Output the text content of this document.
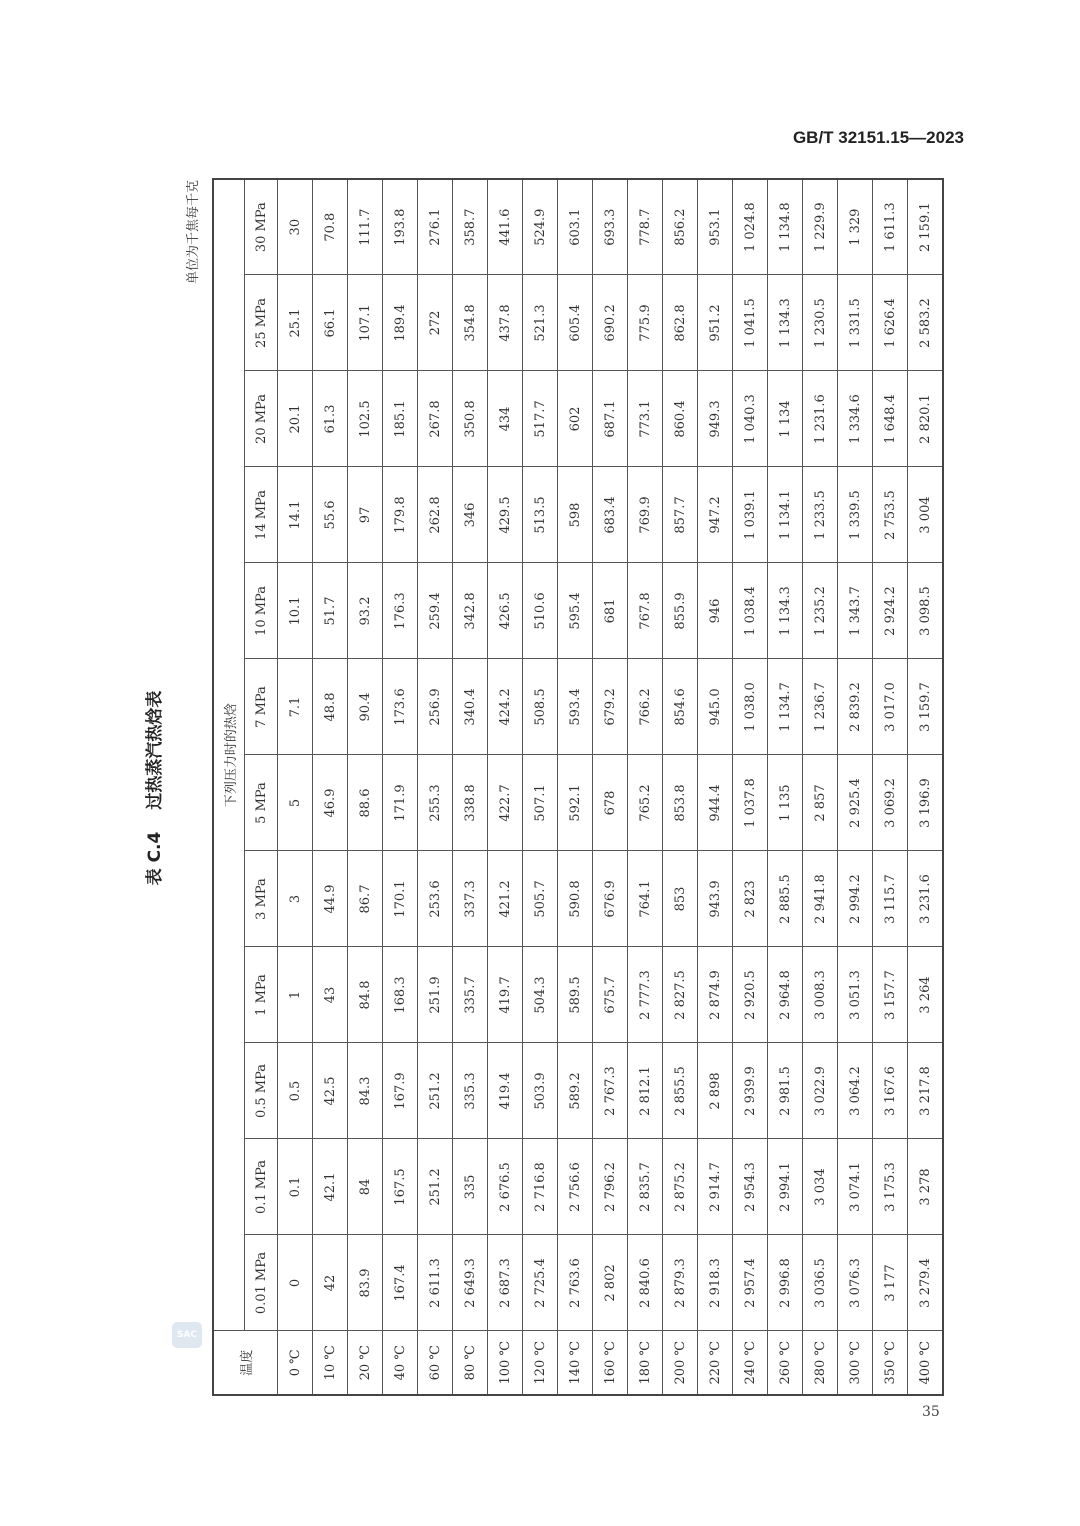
GB/T 32151.15—2023
SAC
35
表 C.4过热蒸汽热焓表
单位为千焦每千克
温度	下列压力时的热焓											
	0.01 MPa	0.1 MPa	0.5 MPa	1 MPa	3 MPa	5 MPa	7 MPa	10 MPa	14 MPa	20 MPa	25 MPa	30 MPa
0 ℃	0	0.1	0.5	1	3	5	7.1	10.1	14.1	20.1	25.1	30
10 ℃	42	42.1	42.5	43	44.9	46.9	48.8	51.7	55.6	61.3	66.1	70.8
20 ℃	83.9	84	84.3	84.8	86.7	88.6	90.4	93.2	97	102.5	107.1	111.7
40 ℃	167.4	167.5	167.9	168.3	170.1	171.9	173.6	176.3	179.8	185.1	189.4	193.8
60 ℃	2 611.3	251.2	251.2	251.9	253.6	255.3	256.9	259.4	262.8	267.8	272	276.1
80 ℃	2 649.3	335	335.3	335.7	337.3	338.8	340.4	342.8	346	350.8	354.8	358.7
100 ℃	2 687.3	2 676.5	419.4	419.7	421.2	422.7	424.2	426.5	429.5	434	437.8	441.6
120 ℃	2 725.4	2 716.8	503.9	504.3	505.7	507.1	508.5	510.6	513.5	517.7	521.3	524.9
140 ℃	2 763.6	2 756.6	589.2	589.5	590.8	592.1	593.4	595.4	598	602	605.4	603.1
160 ℃	2 802	2 796.2	2 767.3	675.7	676.9	678	679.2	681	683.4	687.1	690.2	693.3
180 ℃	2 840.6	2 835.7	2 812.1	2 777.3	764.1	765.2	766.2	767.8	769.9	773.1	775.9	778.7
200 ℃	2 879.3	2 875.2	2 855.5	2 827.5	853	853.8	854.6	855.9	857.7	860.4	862.8	856.2
220 ℃	2 918.3	2 914.7	2 898	2 874.9	943.9	944.4	945.0	946	947.2	949.3	951.2	953.1
240 ℃	2 957.4	2 954.3	2 939.9	2 920.5	2 823	1 037.8	1 038.0	1 038.4	1 039.1	1 040.3	1 041.5	1 024.8
260 ℃	2 996.8	2 994.1	2 981.5	2 964.8	2 885.5	1 135	1 134.7	1 134.3	1 134.1	1 134	1 134.3	1 134.8
280 ℃	3 036.5	3 034	3 022.9	3 008.3	2 941.8	2 857	1 236.7	1 235.2	1 233.5	1 231.6	1 230.5	1 229.9
300 ℃	3 076.3	3 074.1	3 064.2	3 051.3	2 994.2	2 925.4	2 839.2	1 343.7	1 339.5	1 334.6	1 331.5	1 329
350 ℃	3 177	3 175.3	3 167.6	3 157.7	3 115.7	3 069.2	3 017.0	2 924.2	2 753.5	1 648.4	1 626.4	1 611.3
400 ℃	3 279.4	3 278	3 217.8	3 264	3 231.6	3 196.9	3 159.7	3 098.5	3 004	2 820.1	2 583.2	2 159.1
